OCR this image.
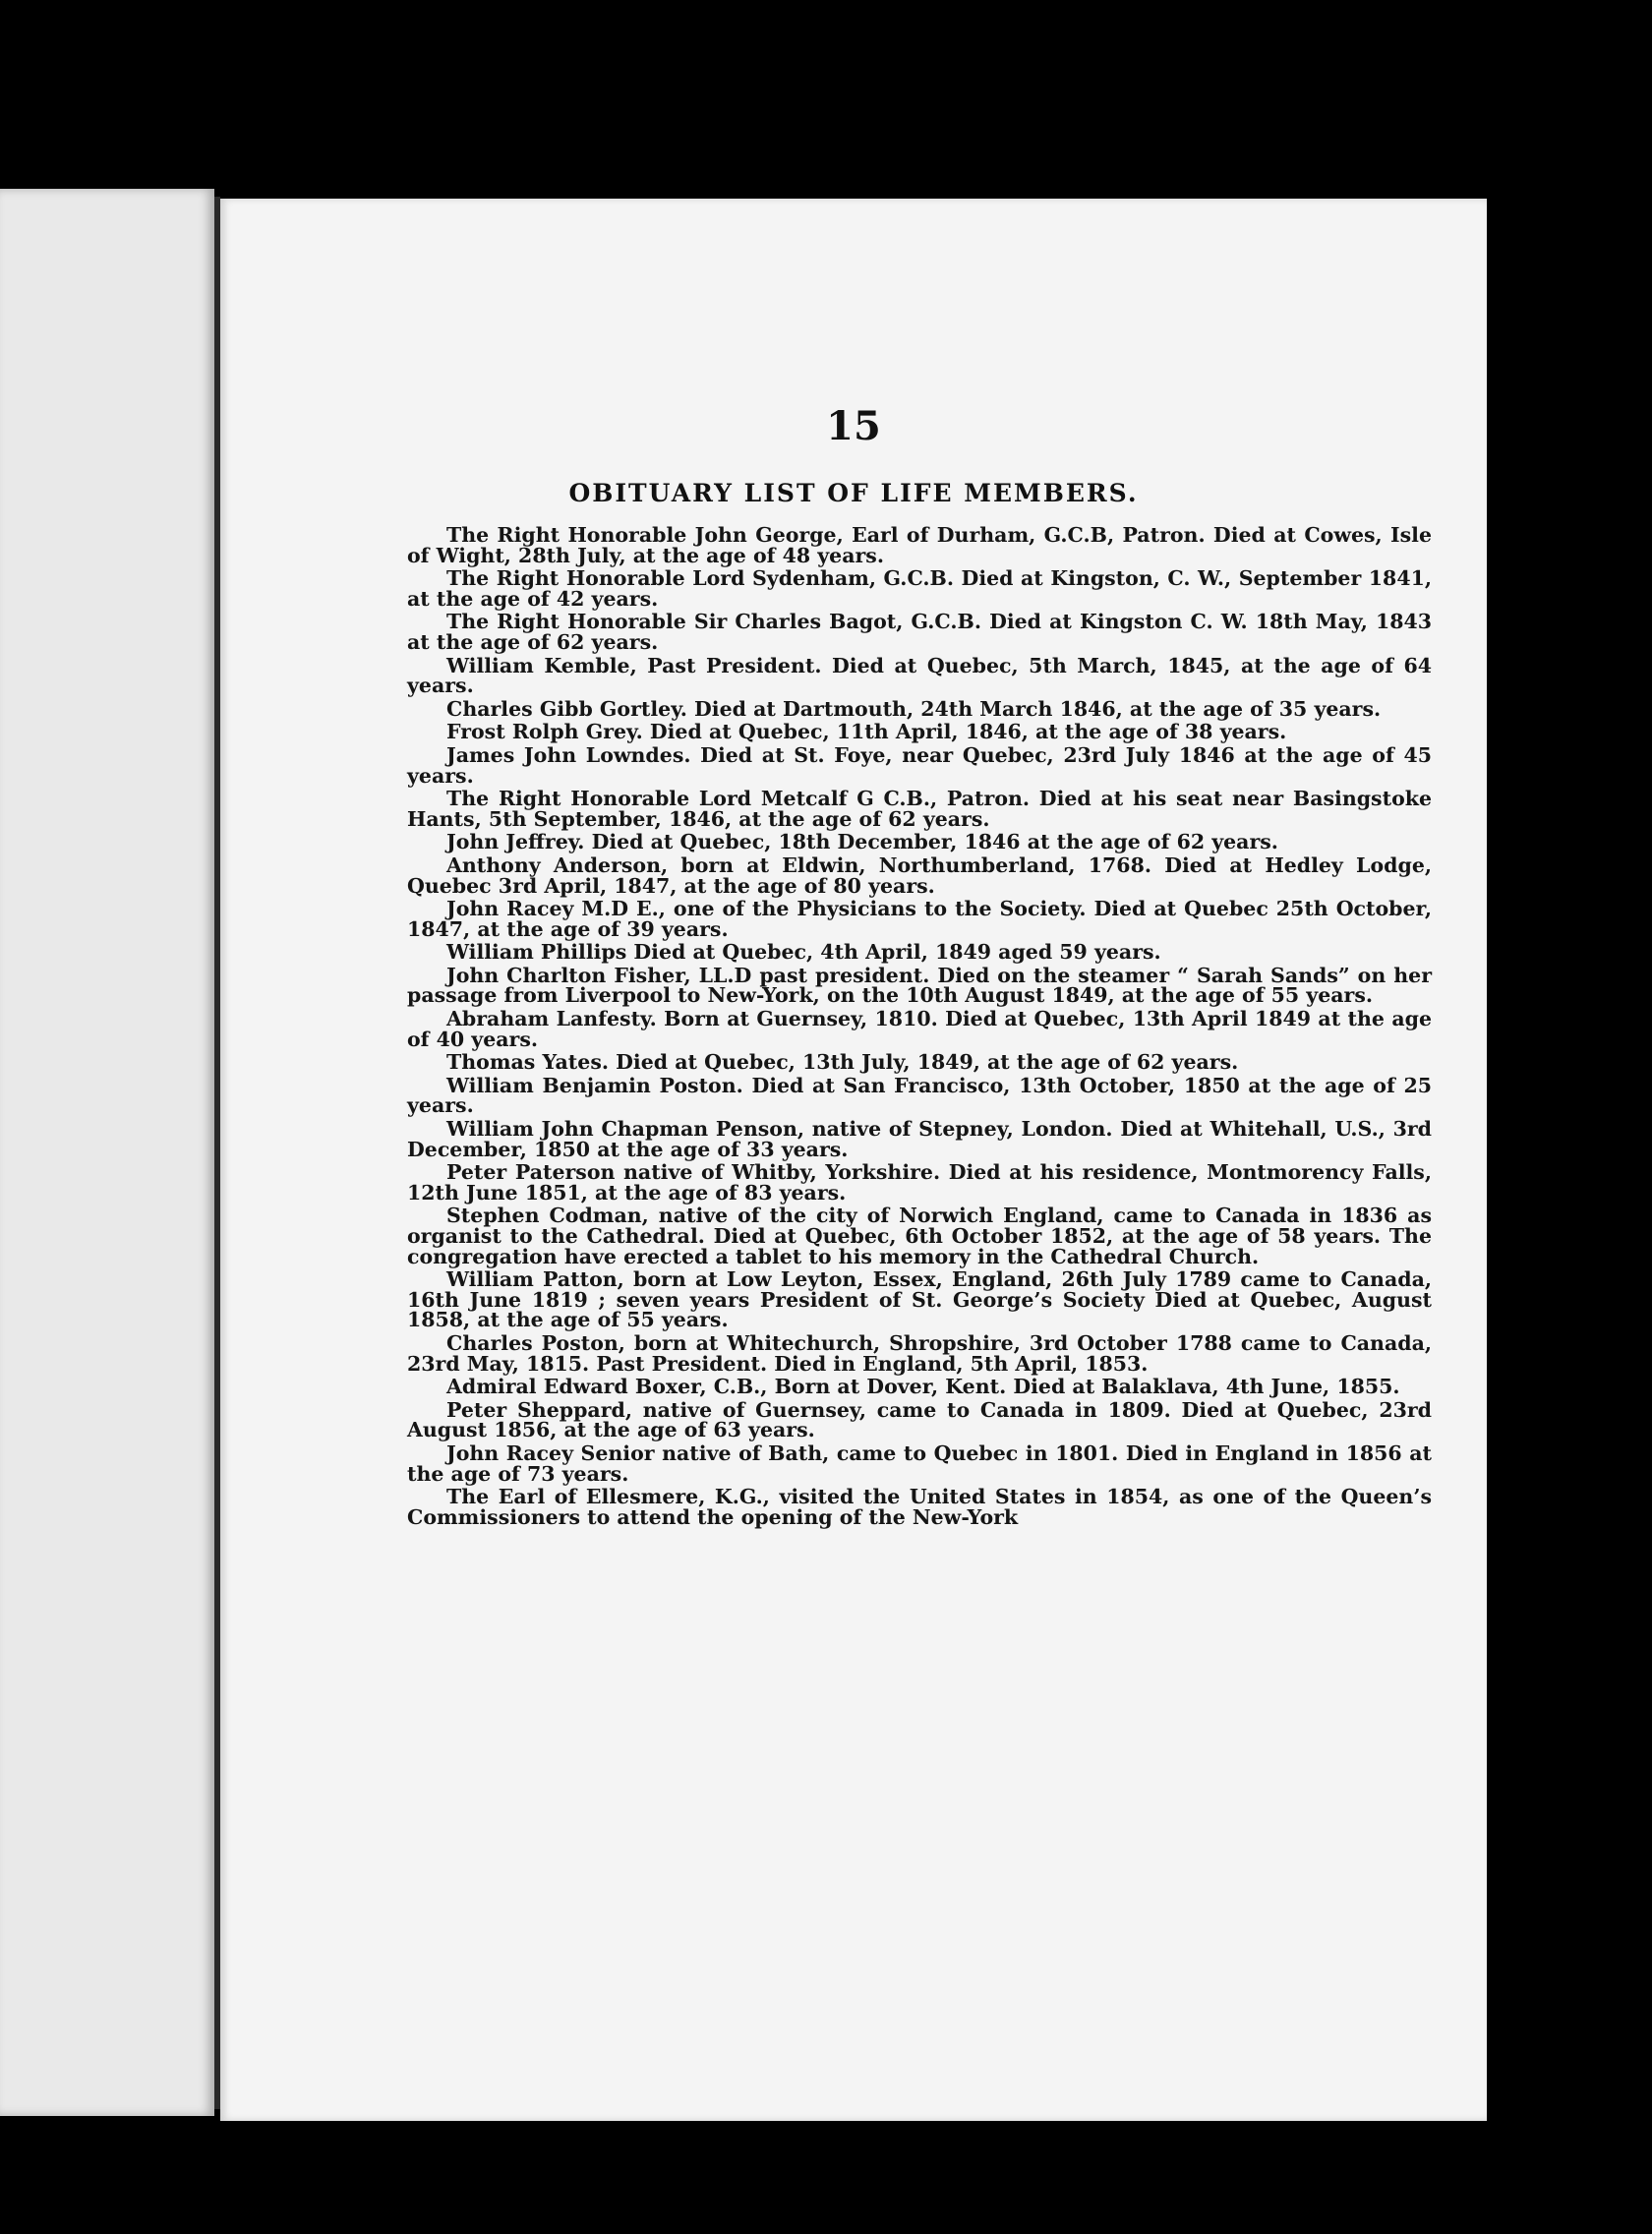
15
OBITUARY LIST OF LIFE MEMBERS.

The Right Honorable John George, Earl of Durham, G.C.B, Patron. Died at Cowes, Isle of Wight, 28th July, at the age of 48 years.

The Right Honorable Lord Sydenham, G.C.B. Died at Kingston, C. W., September 1841, at the age of 42 years.

The Right Honorable Sir Charles Bagot, G.C.B. Died at Kingston C. W. 18th May, 1843 at the age of 62 years.

William Kemble, Past President. Died at Quebec, 5th March, 1845, at the age of 64 years.

Charles Gibb Gortley. Died at Dartmouth, 24th March 1846, at the age of 35 years.

Frost Rolph Grey. Died at Quebec, 11th April, 1846, at the age of 38 years.

James John Lowndes. Died at St. Foye, near Quebec, 23rd July 1846 at the age of 45 years.

The Right Honorable Lord Metcalf G C.B., Patron. Died at his seat near Basingstoke Hants, 5th September, 1846, at the age of 62 years.

John Jeffrey. Died at Quebec, 18th December, 1846 at the age of 62 years.

Anthony Anderson, born at Eldwin, Northumberland, 1768. Died at Hedley Lodge, Quebec 3rd April, 1847, at the age of 80 years.

John Racey M.D E., one of the Physicians to the Society. Died at Quebec 25th October, 1847, at the age of 39 years.

William Phillips Died at Quebec, 4th April, 1849 aged 59 years.

John Charlton Fisher, LL.D past president. Died on the steamer “ Sarah Sands” on her passage from Liverpool to New-York, on the 10th August 1849, at the age of 55 years.

Abraham Lanfesty. Born at Guernsey, 1810. Died at Quebec, 13th April 1849 at the age of 40 years.

Thomas Yates. Died at Quebec, 13th July, 1849, at the age of 62 years.

William Benjamin Poston. Died at San Francisco, 13th October, 1850 at the age of 25 years.

William John Chapman Penson, native of Stepney, London. Died at Whitehall, U.S., 3rd December, 1850 at the age of 33 years.

Peter Paterson native of Whitby, Yorkshire. Died at his residence, Montmorency Falls, 12th June 1851, at the age of 83 years.

Stephen Codman, native of the city of Norwich England, came to Canada in 1836 as organist to the Cathedral. Died at Quebec, 6th October 1852, at the age of 58 years. The congregation have erected a tablet to his memory in the Cathedral Church.

William Patton, born at Low Leyton, Essex, England, 26th July 1789 came to Canada, 16th June 1819 ; seven years President of St. George’s Society Died at Quebec, August 1858, at the age of 55 years.

Charles Poston, born at Whitechurch, Shropshire, 3rd October 1788 came to Canada, 23rd May, 1815. Past President. Died in England, 5th April, 1853.

Admiral Edward Boxer, C.B., Born at Dover, Kent. Died at Balaklava, 4th June, 1855.

Peter Sheppard, native of Guernsey, came to Canada in 1809. Died at Quebec, 23rd August 1856, at the age of 63 years.

John Racey Senior native of Bath, came to Quebec in 1801. Died in England in 1856 at the age of 73 years.

The Earl of Ellesmere, K.G., visited the United States in 1854, as one of the Queen’s Commissioners to attend the opening of the New-York
